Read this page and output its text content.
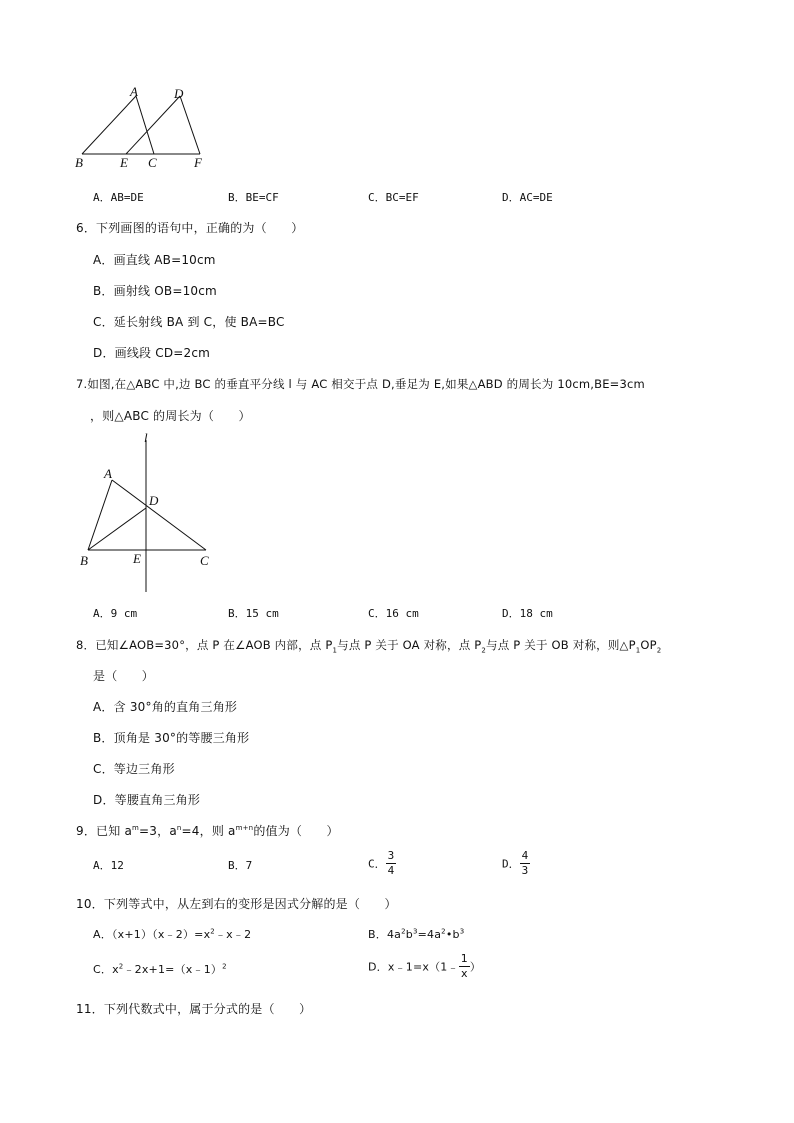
A	D
B	E C	F
A．AB=DE	B．BE=CF	C．BC=EF	D．AC=DE
6．下列画图的语句中，正确的为（　　）
A．画直线 AB=10cm
B．画射线 OB=10cm
C．延长射线 BA 到 C，使 BA=BC
D．画线段 CD=2cm
7.如图,在△ABC 中,边 BC 的垂直平分线 l 与 AC 相交于点 D,垂足为 E,如果△ABD 的周长为 10cm,BE=3cm
，则△ABC 的周长为（　　）
l
A
D
B	E	C
A．9 cm	B．15 cm	C．16 cm	D．18 cm
8．已知∠AOB=30°，点 P 在∠AOB 内部，点 $P_1$与点 P 关于 OA 对称，点 $P_2$与点 P 关于 OB 对称，则$\triangle P_1OP_2$
是（　　）
A．含 30°角的直角三角形
B．顶角是 30°的等腰三角形
C．等边三角形
D．等腰直角三角形
9．已知 $a^m=3$，$a^n=4$，则 $a^{m+n}$的值为（　　）
A．12	B．7	C． $\frac{3}{4}$	D． $\frac{4}{3}$
10．下列等式中，从左到右的变形是因式分解的是（　　）
A．$(x+1)(x﹣2)=x^2﹣x﹣2$	B．$4a^2b^3=4a^2•b^3$
C．$x^2﹣2x+1=(x﹣1)^2$	D．x﹣1=x（1﹣ $\frac{1}{x}$ ）
11．下列代数式中，属于分式的是（　　）
